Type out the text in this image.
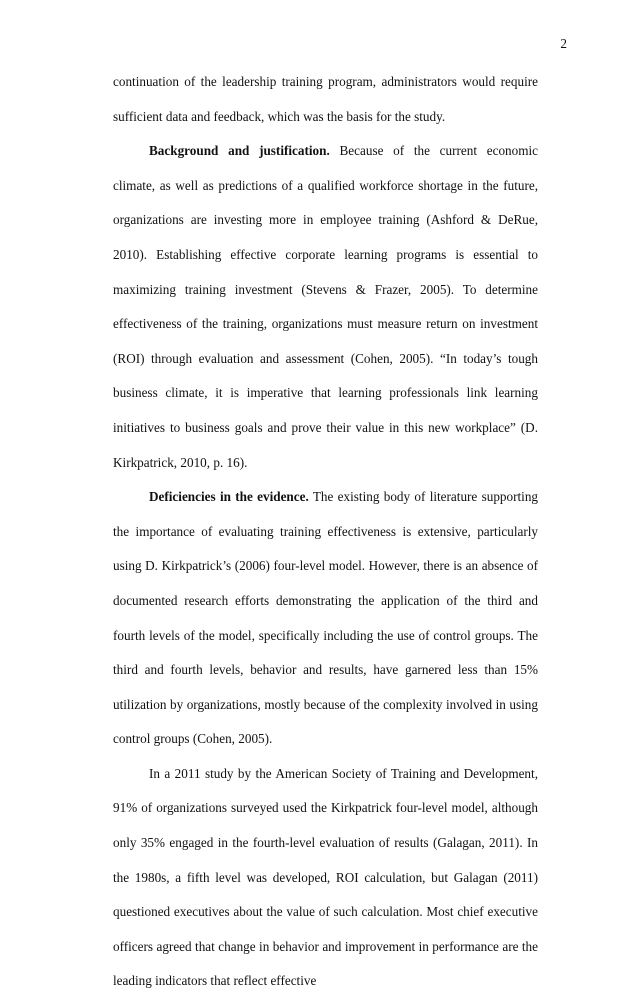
2

continuation of the leadership training program, administrators would require sufficient data and feedback, which was the basis for the study.

Background and justification. Because of the current economic climate, as well as predictions of a qualified workforce shortage in the future, organizations are investing more in employee training (Ashford & DeRue, 2010). Establishing effective corporate learning programs is essential to maximizing training investment (Stevens & Frazer, 2005). To determine effectiveness of the training, organizations must measure return on investment (ROI) through evaluation and assessment (Cohen, 2005). “In today’s tough business climate, it is imperative that learning professionals link learning initiatives to business goals and prove their value in this new workplace” (D. Kirkpatrick, 2010, p. 16).

Deficiencies in the evidence. The existing body of literature supporting the importance of evaluating training effectiveness is extensive, particularly using D. Kirkpatrick’s (2006) four-level model. However, there is an absence of documented research efforts demonstrating the application of the third and fourth levels of the model, specifically including the use of control groups. The third and fourth levels, behavior and results, have garnered less than 15% utilization by organizations, mostly because of the complexity involved in using control groups (Cohen, 2005).

In a 2011 study by the American Society of Training and Development, 91% of organizations surveyed used the Kirkpatrick four-level model, although only 35% engaged in the fourth-level evaluation of results (Galagan, 2011). In the 1980s, a fifth level was developed, ROI calculation, but Galagan (2011) questioned executives about the value of such calculation. Most chief executive officers agreed that change in behavior and improvement in performance are the leading indicators that reflect effective
